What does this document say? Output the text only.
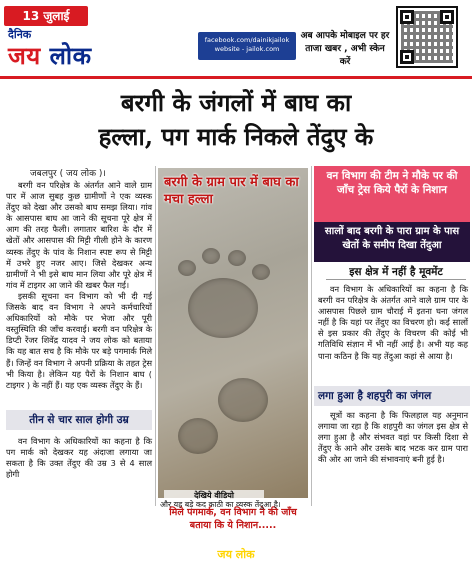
13 जुलाई 2025
दैनिक
जय लोक
facebook.com/dainikjailok
website - jailok.com
अब आपके मोबाइल पर हर
ताजा खबर , अभी स्केन करें
बरगी के जंगलों में बाघ का
हल्ला, पग मार्क निकले तेंदुए के
जबलपुर ( जय लोक )।

बरगी वन परिक्षेत्र के अंतर्गत आने वाले ग्राम पार में आज सुबह कुछ ग्रामीणों ने एक व्यस्क तेंदुए को देखा और उसको बाघ समझ लिया। गांव के आसपास बाघ आ जाने की सूचना पूरे क्षेत्र में आग की तरह फैली। लगातार बारिश के दौर में खेतों और आसपास की मिट्टी गीली होने के कारण व्यस्क तेंदुए के पांव के निशान स्पष्ट रूप से मिट्टी में उभरे हुए नजर आए। जिसे देखकर अन्य ग्रामीणों ने भी इसे बाघ मान लिया और पूरे क्षेत्र में गांव में टाइगर आ जाने की खबर फैल गई।

इसकी सूचना वन विभाग को भी दी गई जिसके बाद वन विभाग ने अपने कर्मचारियों अधिकारियों को मौके पर भेजा और पूरी वस्तुस्थिति की जाँच करवाई। बरगी वन परिक्षेत्र के डिप्टी रेंजर शिवेंद्र यादव ने जय लोक को बताया कि यह बात सच है कि मौके पर बड़े पगमार्क मिले हैं। जिन्हें वन विभाग ने अपनी प्रक्रिया के तहत ट्रेस भी किया है। लेकिन यह पैरों के निशान बाघ ( टाइगर ) के नहीं हैं। यह एक व्यस्क तेंदुए के हैं।

तीन से चार साल होगी उम्र

वन विभाग के अधिकारियों का कहना है कि पग मार्क को देखकर यह अंदाजा लगाया जा सकता है कि उक्त तेंदुए की उम्र 3 से 4 साल होगी

बरगी के ग्राम पार में बाघ का मचा हल्ला
देखिये वीडियो
मिले पगमार्क, वन विभाग ने की जाँच बताया कि ये निशान.....
दैनिक
जय लोक
और यह बड़े कद काठी का व्यस्क तेंदुआ है।
वन विभाग की टीम ने मौके पर की जाँच ट्रेस किये पैरों के निशान
सालों बाद बरगी के पारा ग्राम के पास खेतों के समीप दिखा तेंदुआ
इस क्षेत्र में नहीं है मूवमेंट

वन विभाग के अधिकारियों का कहना है कि बरगी वन परिक्षेत्र के अंतर्गत आने वाले ग्राम पार के आसपास पिछले ग्राम चौराई में इतना घना जंगल नहीं है कि यहां पर तेंदुए का विचरण हो। कई सालों से इस प्रकार की तेंदुए के विचरण की कोई भी गतिविधि संज्ञान में भी नहीं आई है। अभी यह कह पाना कठिन है कि यह तेंदुआ कहां से आया है।

लगा हुआ है शहपुरी का जंगल

सूत्रों का कहना है कि फिलहाल यह अनुमान लगाया जा रहा है कि शहपुरी का जंगल इस क्षेत्र से लगा हुआ है और संभवत वहां पर किसी दिशा से तेंदुए के आने और उसके बाद भटक कर ग्राम पारा की ओर आ जाने की संभावनाएं बनी हुई है।
